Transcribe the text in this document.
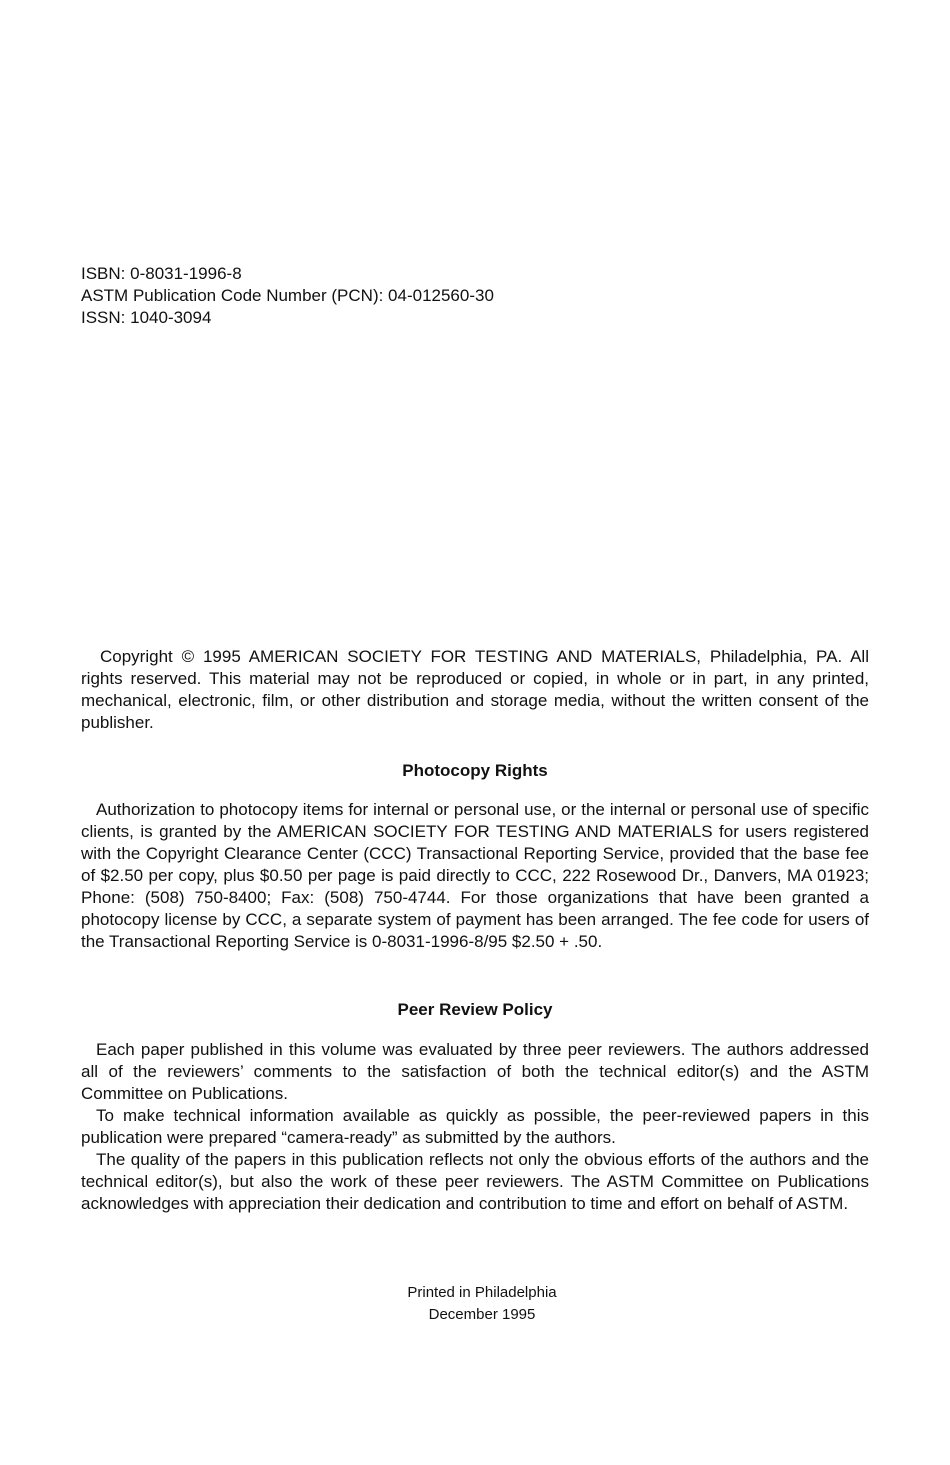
ISBN: 0-8031-1996-8
ASTM Publication Code Number (PCN): 04-012560-30
ISSN: 1040-3094
Copyright © 1995 AMERICAN SOCIETY FOR TESTING AND MATERIALS, Philadelphia, PA. All rights reserved. This material may not be reproduced or copied, in whole or in part, in any printed, mechanical, electronic, film, or other distribution and storage media, without the written consent of the publisher.
Photocopy Rights

Authorization to photocopy items for internal or personal use, or the internal or personal use of specific clients, is granted by the AMERICAN SOCIETY FOR TESTING AND MATERIALS for users registered with the Copyright Clearance Center (CCC) Transactional Reporting Service, provided that the base fee of $2.50 per copy, plus $0.50 per page is paid directly to CCC, 222 Rosewood Dr., Danvers, MA 01923; Phone: (508) 750-8400; Fax: (508) 750-4744. For those organizations that have been granted a photocopy license by CCC, a separate system of payment has been arranged. The fee code for users of the Transactional Reporting Service is 0-8031-1996-8/95 $2.50 + .50.

Peer Review Policy

Each paper published in this volume was evaluated by three peer reviewers. The authors addressed all of the reviewers’ comments to the satisfaction of both the technical editor(s) and the ASTM Committee on Publications.

To make technical information available as quickly as possible, the peer-reviewed papers in this publication were prepared “camera-ready” as submitted by the authors.

The quality of the papers in this publication reflects not only the obvious efforts of the authors and the technical editor(s), but also the work of these peer reviewers. The ASTM Committee on Publications acknowledges with appreciation their dedication and contribution to time and effort on behalf of ASTM.

Printed in Philadelphia
December 1995
